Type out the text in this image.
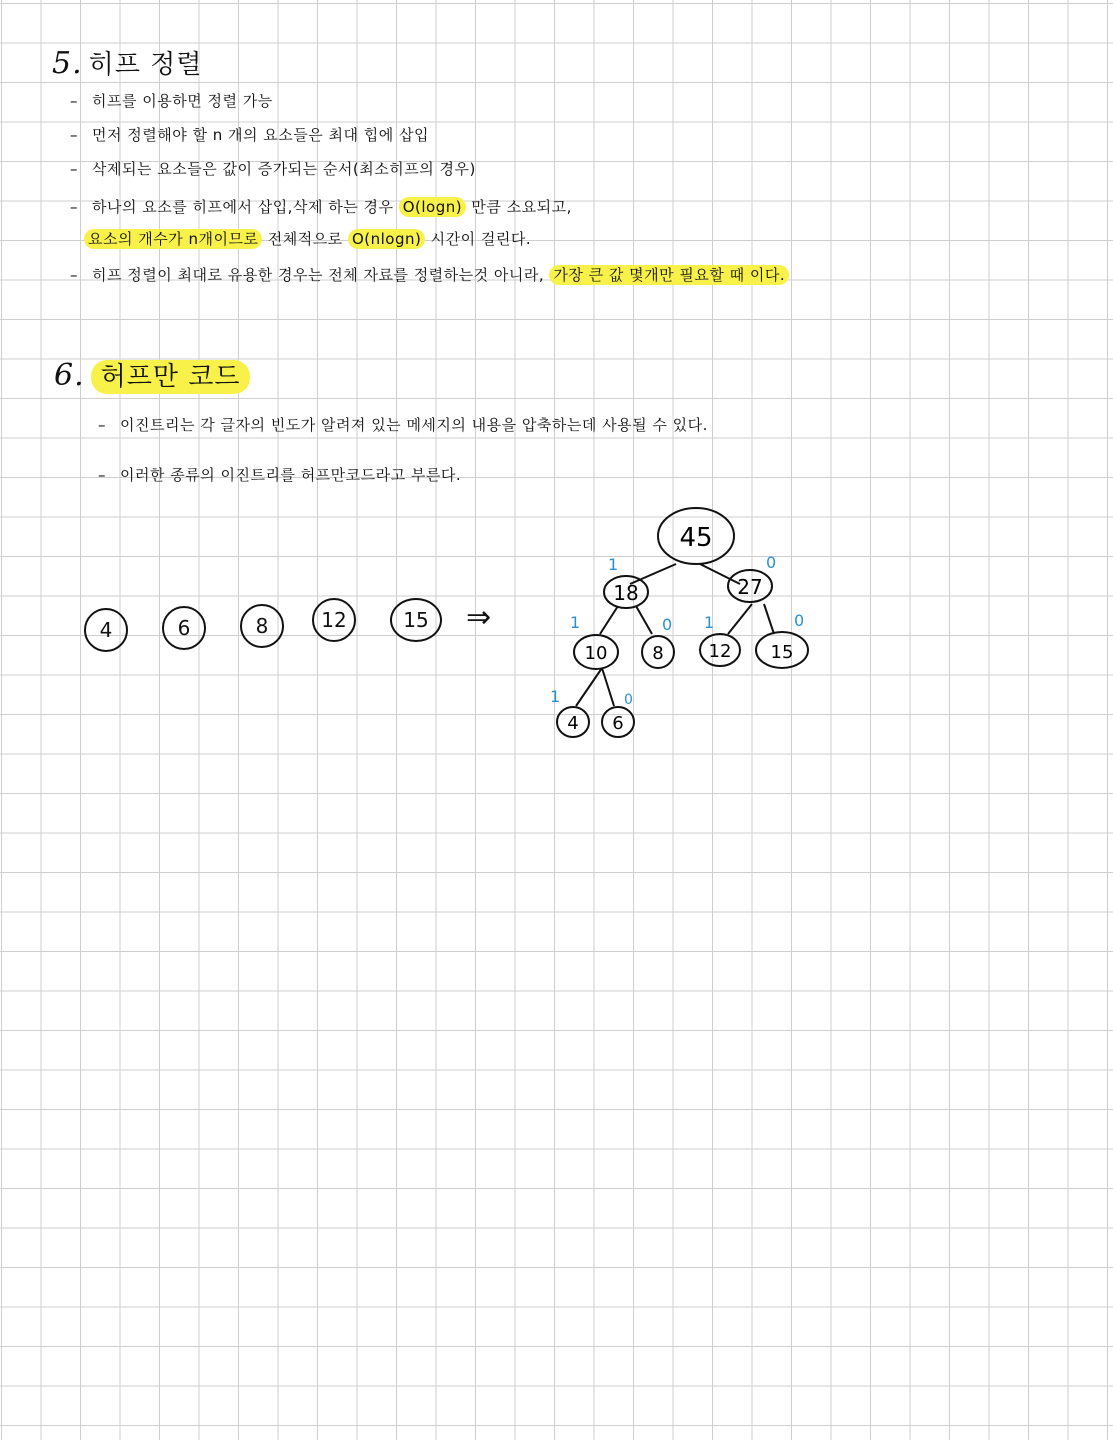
5. 히프 정렬
– 히프를 이용하면 정렬 가능
– 먼저 정렬해야 할 n 개의 요소들은 최대 힙에 삽입
– 삭제되는 요소들은 값이 증가되는 순서(최소히프의 경우)
– 하나의 요소를 히프에서 삽입,삭제 하는 경우 O(logn) 만큼 소요되고,
요소의 개수가 n개이므로 전체적으로 O(nlogn) 시간이 걸린다.
– 히프 정렬이 최대로 유용한 경우는 전체 자료를 정렬하는것 아니라, 가장 큰 값 몇개만 필요할 때 이다.
6. 허프만 코드
– 이진트리는 각 글자의 빈도가 알려져 있는 메세지의 내용을 압축하는데 사용될 수 있다.
– 이러한 종류의 이진트리를 허프만코드라고 부른다.
4	6	8	12	15	⇒
45
18	27
10 8 12 15
4 6
1	0
1	0 1	0
1	0
